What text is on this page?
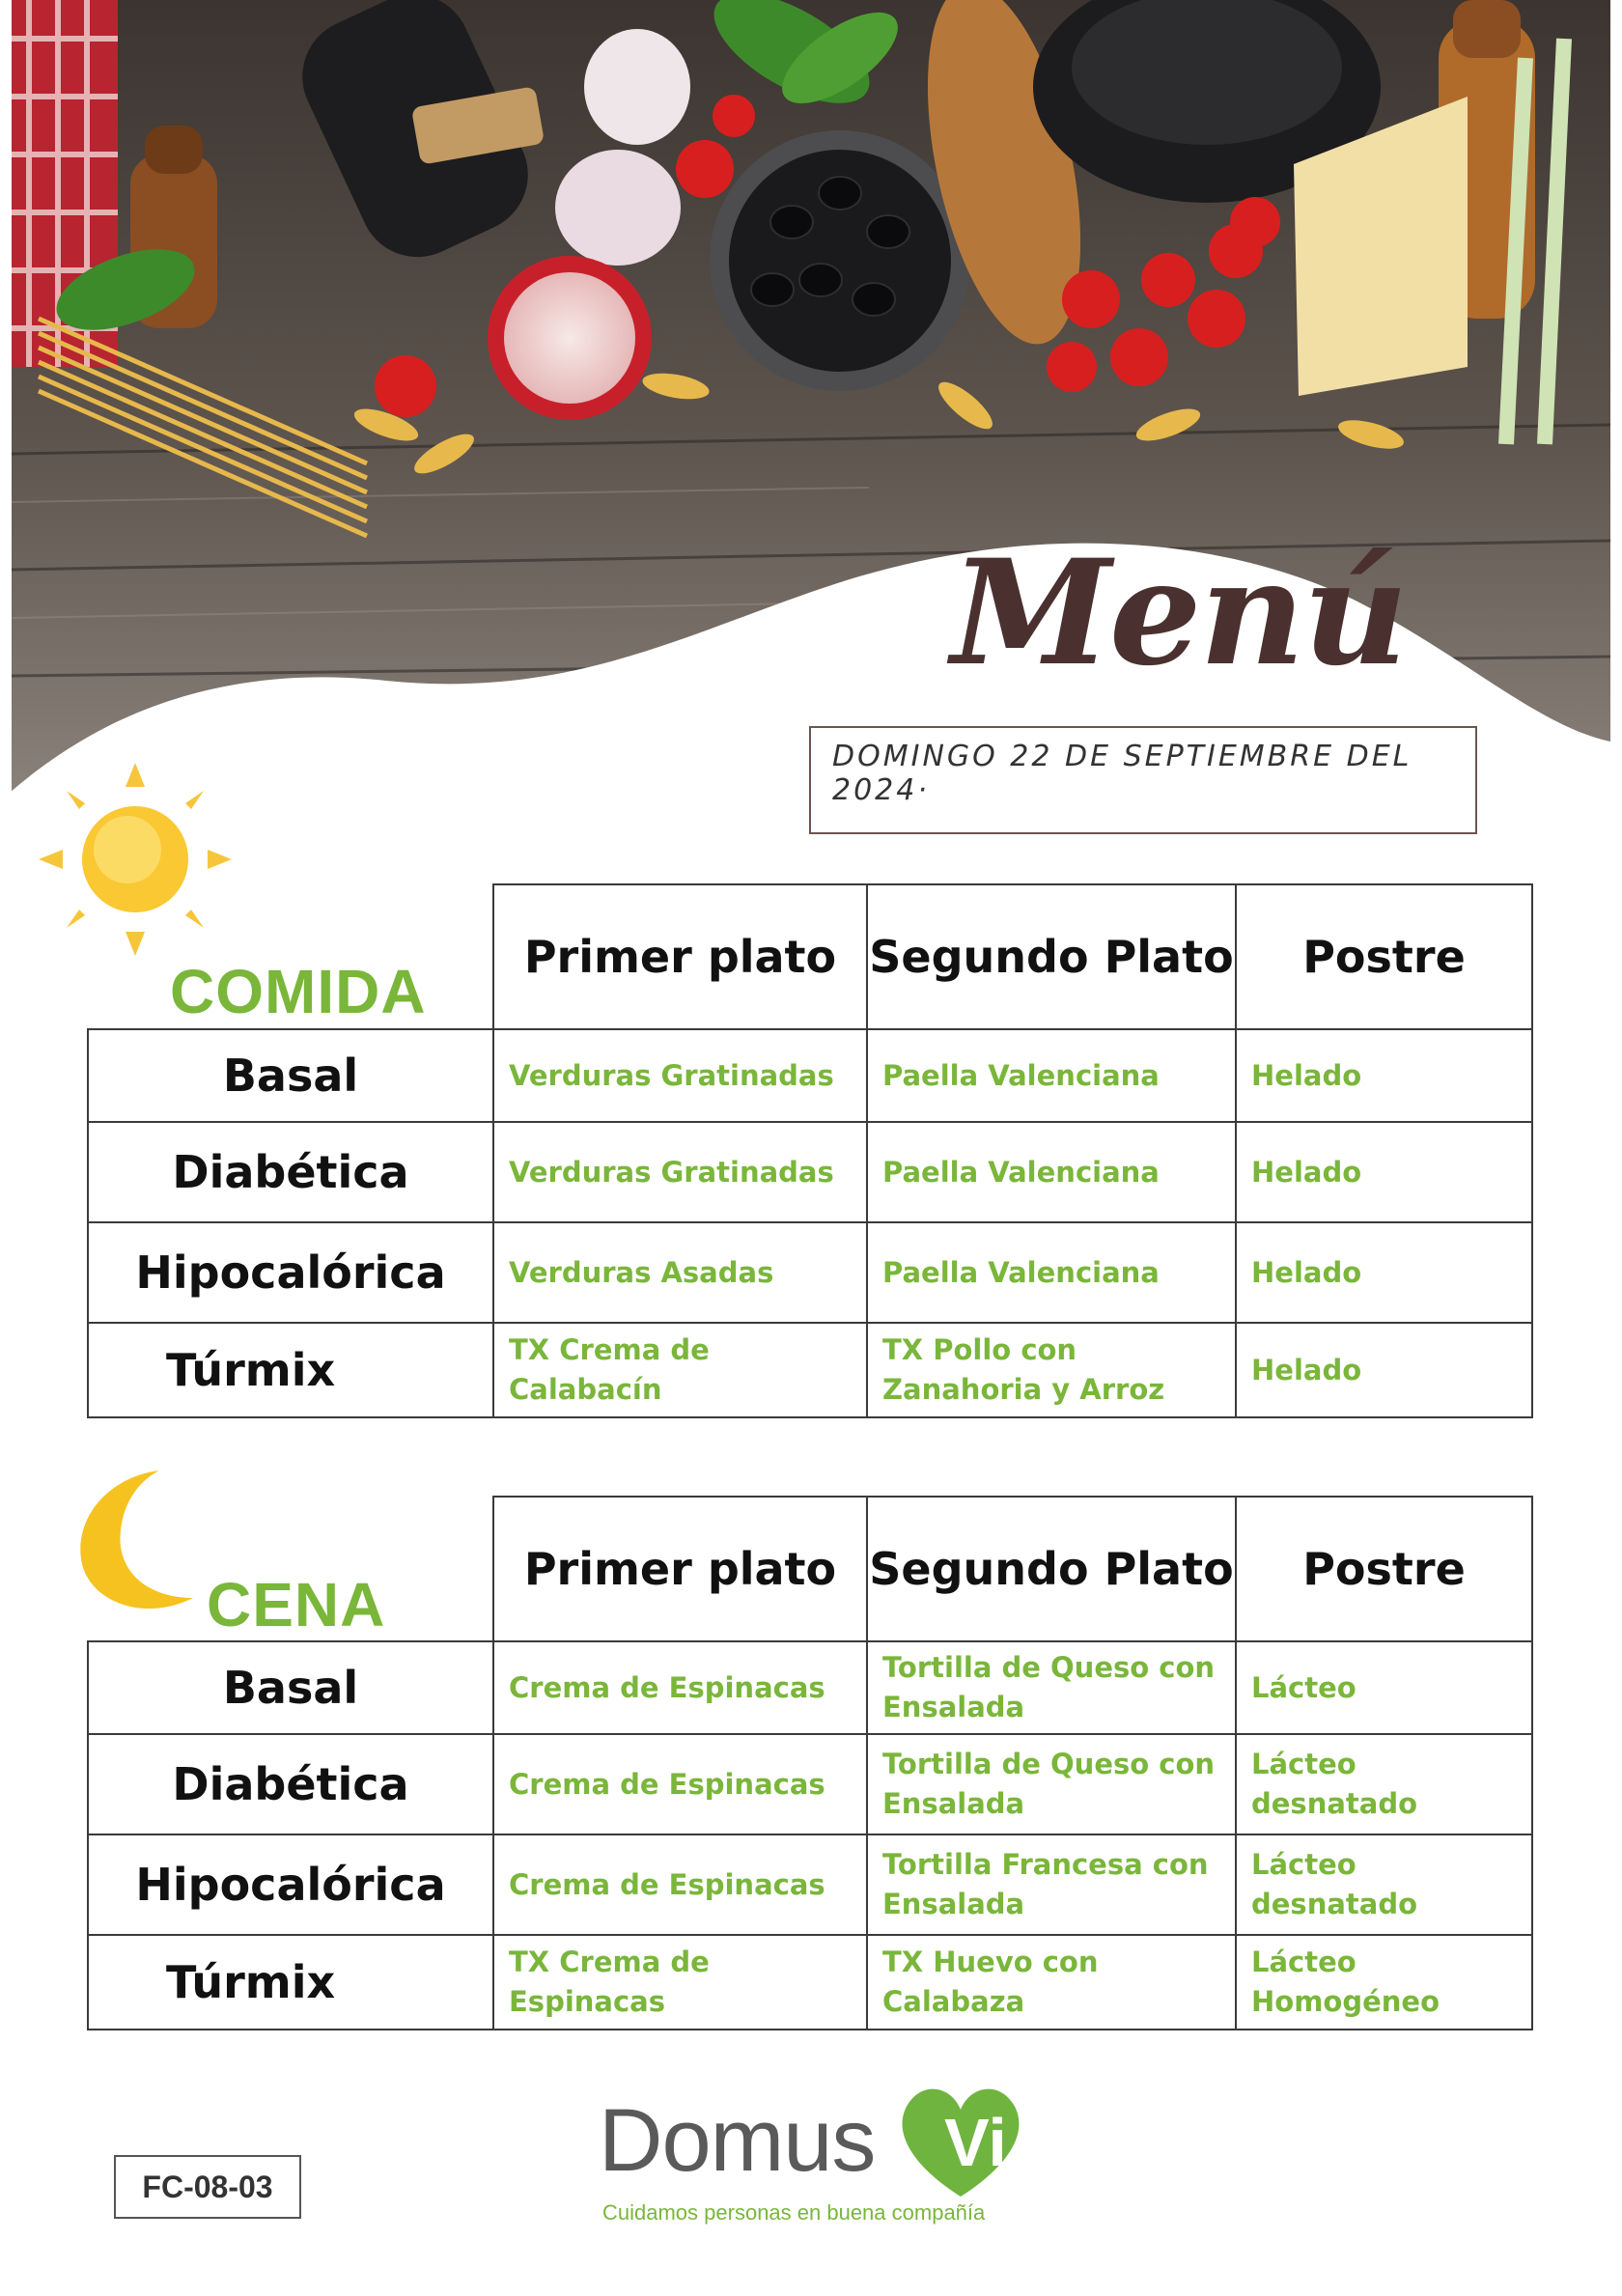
Menú
DOMINGO 22 DE SEPTIEMBRE DEL 2024·
COMIDA
	Primer plato	Segundo Plato	Postre
Basal	Verduras Gratinadas	Paella Valenciana	Helado
Diabética	Verduras Gratinadas	Paella Valenciana	Helado
Hipocalórica	Verduras Asadas	Paella Valenciana	Helado
Túrmix	TX Crema de Calabacín	TX Pollo con Zanahoria y Arroz	Helado
CENA
	Primer plato	Segundo Plato	Postre
Basal	Crema de Espinacas	Tortilla de Queso con Ensalada	Lácteo
Diabética	Crema de Espinacas	Tortilla de Queso con Ensalada	Lácteo desnatado
Hipocalórica	Crema de Espinacas	Tortilla Francesa con Ensalada	Lácteo desnatado
Túrmix	TX Crema de Espinacas	TX Huevo con Calabaza	Lácteo Homogéneo
FC-08-03	Domus Vi
Cuidamos personas en buena compañía
